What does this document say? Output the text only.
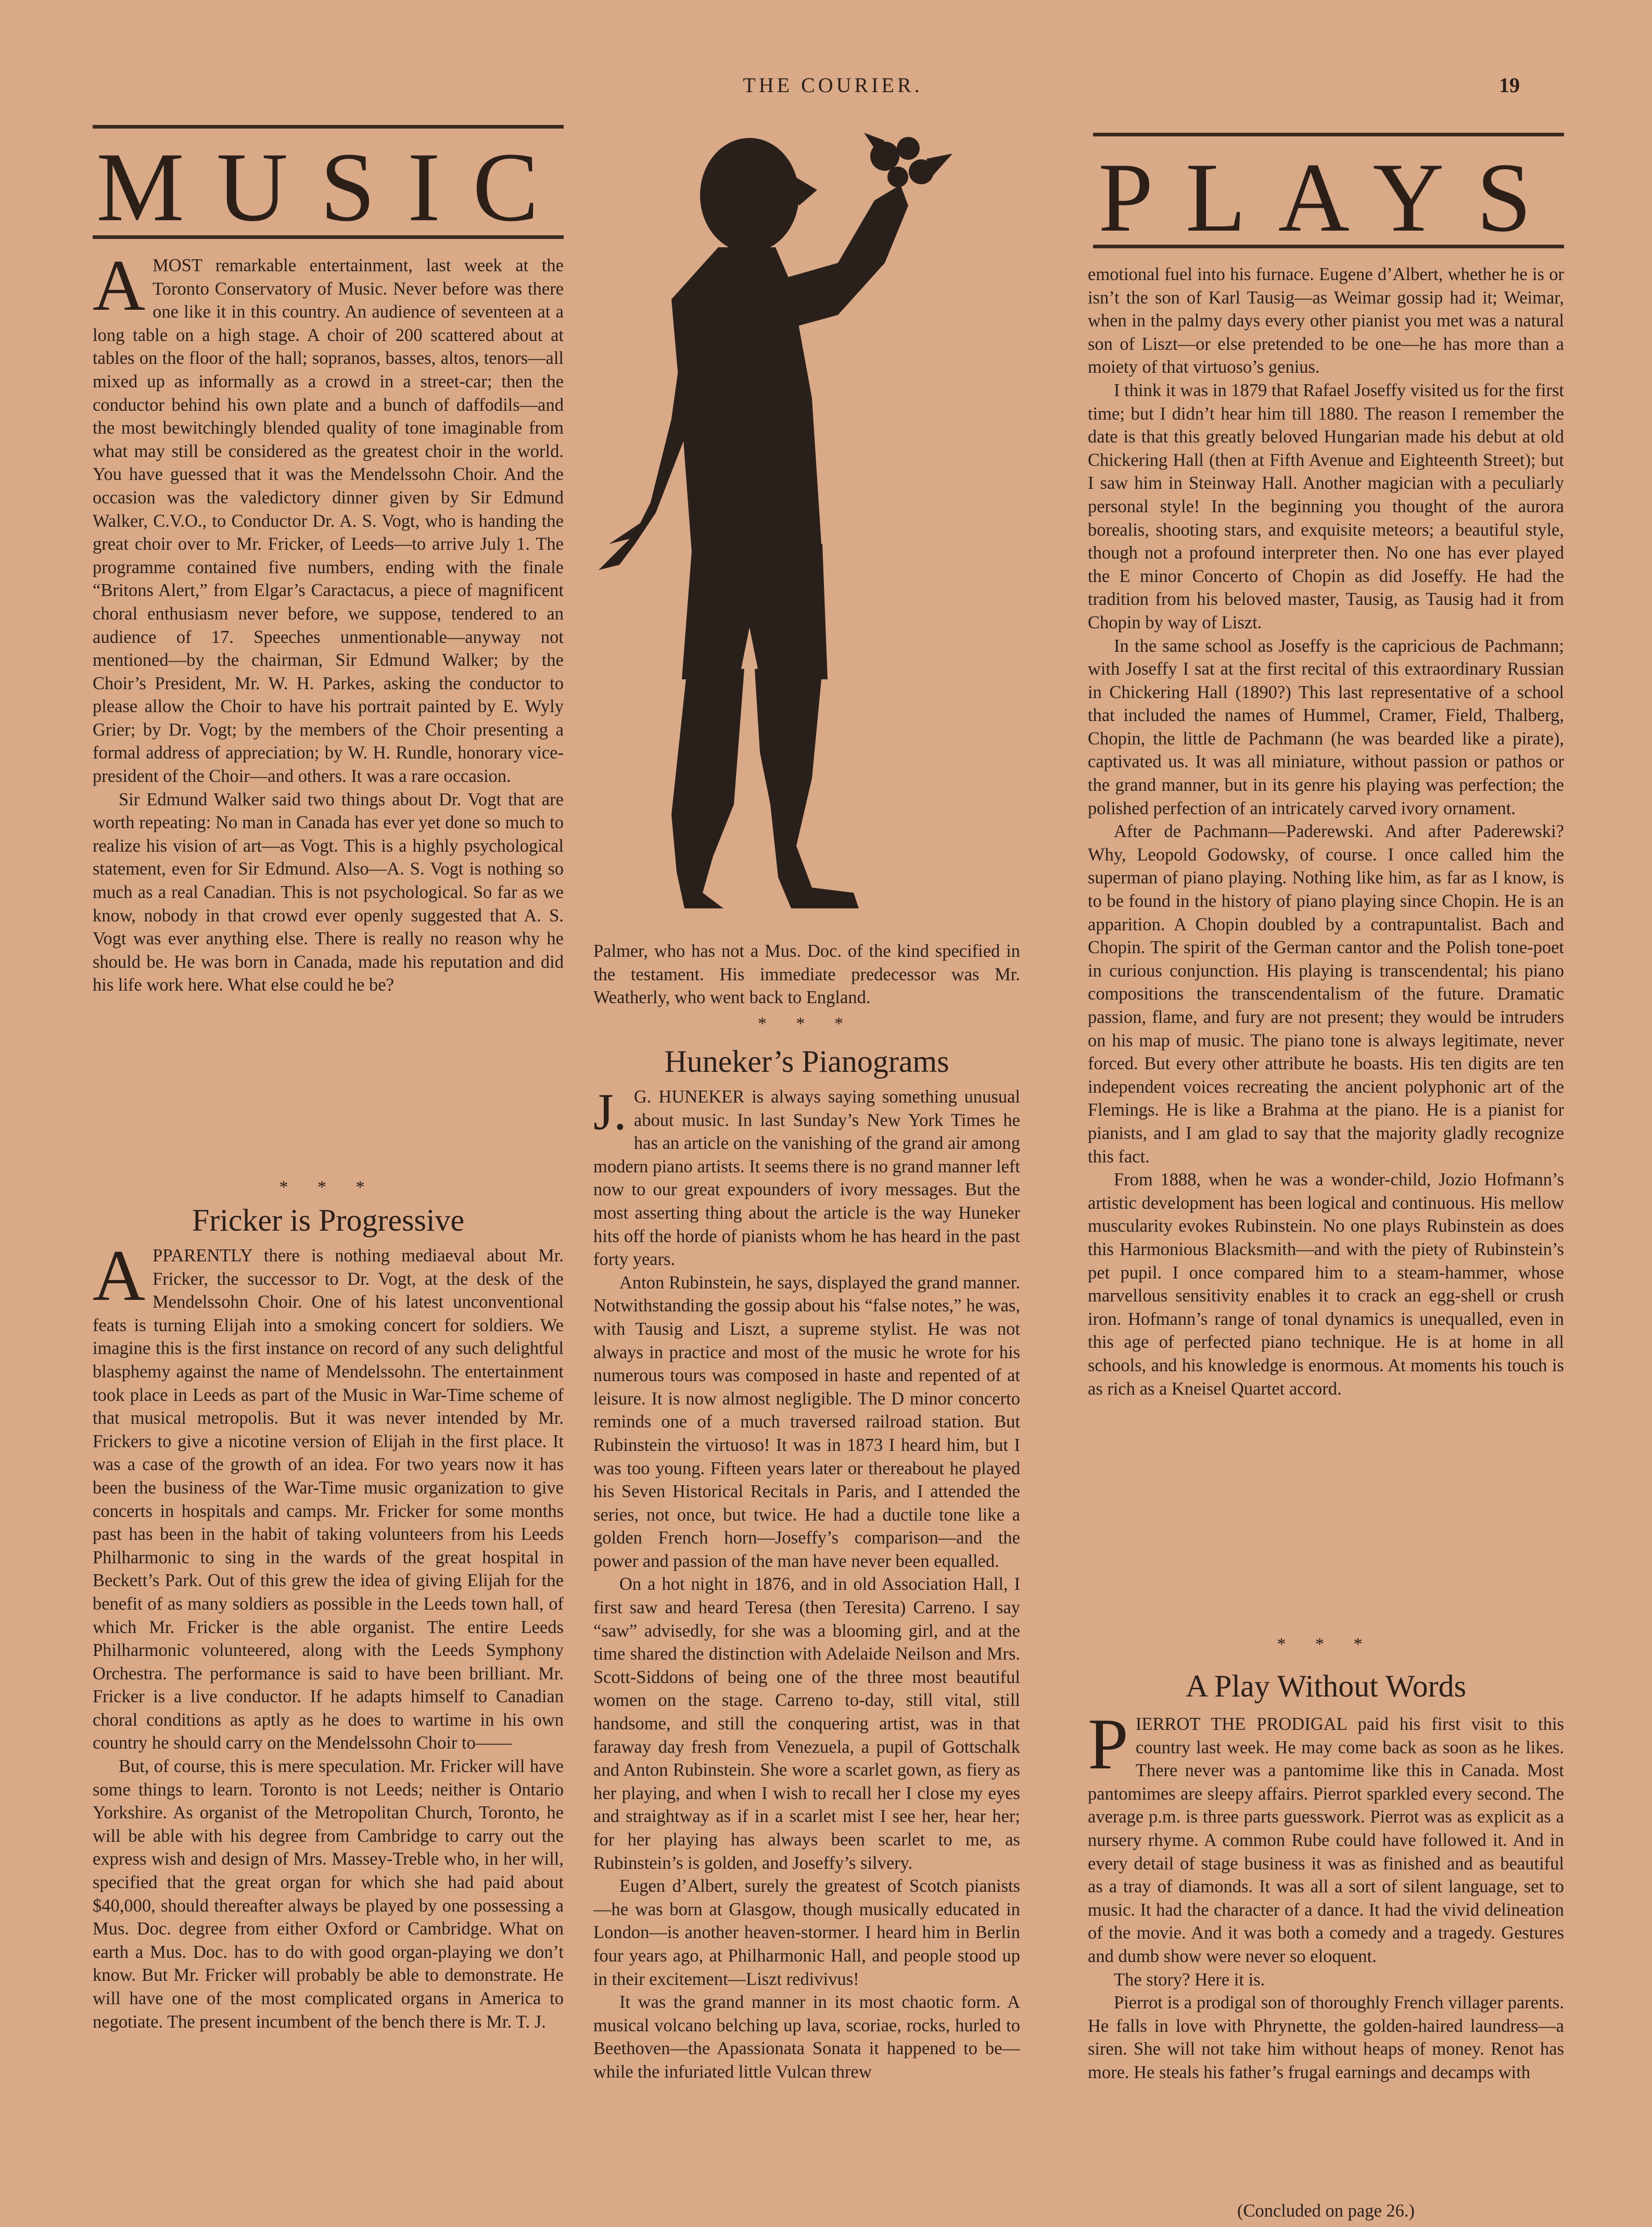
THE COURIER.	19
MUSIC	PLAYS
A MOST remarkable entertainment, last week at the Toronto Conservatory of Music. Never before was there one like it in this country. An audience of seventeen at a long table on a high stage. A choir of 200 scattered about at tables on the floor of the hall; sopranos, basses, altos, tenors—all mixed up as informally as a crowd in a street-car; then the conductor behind his own plate and a bunch of daffodils—and the most bewitchingly blended quality of tone imaginable from what may still be considered as the greatest choir in the world. You have guessed that it was the Mendelssohn Choir. And the occasion was the valedictory dinner given by Sir Edmund Walker, C.V.O., to Conductor Dr. A. S. Vogt, who is handing the great choir over to Mr. Fricker, of Leeds—to arrive July 1. The programme contained five numbers, ending with the finale “Britons Alert,” from Elgar’s Caractacus, a piece of magnificent choral enthusiasm never before, we suppose, tendered to an audience of 17. Speeches unmentionable—anyway not mentioned—by the chairman, Sir Edmund Walker; by the Choir’s President, Mr. W. H. Parkes, asking the conductor to please allow the Choir to have his portrait painted by E. Wyly Grier; by Dr. Vogt; by the members of the Choir presenting a formal address of appreciation; by W. H. Rundle, honorary vice-president of the Choir—and others. It was a rare occasion.

Sir Edmund Walker said two things about Dr. Vogt that are worth repeating: No man in Canada has ever yet done so much to realize his vision of art—as Vogt. This is a highly psychological statement, even for Sir Edmund. Also—A. S. Vogt is nothing so much as a real Canadian. This is not psychological. So far as we know, nobody in that crowd ever openly suggested that A. S. Vogt was ever anything else. There is really no reason why he should be. He was born in Canada, made his reputation and did his life work here. What else could he be?

* * *
Fricker is Progressive
A PPARENTLY there is nothing mediaeval about Mr. Fricker, the successor to Dr. Vogt, at the desk of the Mendelssohn Choir. One of his latest unconventional feats is turning Elijah into a smoking concert for soldiers. We imagine this is the first instance on record of any such delightful blasphemy against the name of Mendelssohn. The entertainment took place in Leeds as part of the Music in War-Time scheme of that musical metropolis. But it was never intended by Mr. Frickers to give a nicotine version of Elijah in the first place. It was a case of the growth of an idea. For two years now it has been the business of the War-Time music organization to give concerts in hospitals and camps. Mr. Fricker for some months past has been in the habit of taking volunteers from his Leeds Philharmonic to sing in the wards of the great hospital in Beckett’s Park. Out of this grew the idea of giving Elijah for the benefit of as many soldiers as possible in the Leeds town hall, of which Mr. Fricker is the able organist. The entire Leeds Philharmonic volunteered, along with the Leeds Symphony Orchestra. The performance is said to have been brilliant. Mr. Fricker is a live conductor. If he adapts himself to Canadian choral conditions as aptly as he does to wartime in his own country he should carry on the Mendelssohn Choir to——

But, of course, this is mere speculation. Mr. Fricker will have some things to learn. Toronto is not Leeds; neither is Ontario Yorkshire. As organist of the Metropolitan Church, Toronto, he will be able with his degree from Cambridge to carry out the express wish and design of Mrs. Massey-Treble who, in her will, specified that the great organ for which she had paid about $40,000, should thereafter always be played by one possessing a Mus. Doc. degree from either Oxford or Cambridge. What on earth a Mus. Doc. has to do with good organ-playing we don’t know. But Mr. Fricker will probably be able to demonstrate. He will have one of the most complicated organs in America to negotiate. The present incumbent of the bench there is Mr. T. J.

Palmer, who has not a Mus. Doc. of the kind specified in the testament. His immediate predecessor was Mr. Weatherly, who went back to England.

* * *
Huneker’s Pianograms
J. G. HUNEKER is always saying something unusual about music. In last Sunday’s New York Times he has an article on the vanishing of the grand air among modern piano artists. It seems there is no grand manner left now to our great expounders of ivory messages. But the most asserting thing about the article is the way Huneker hits off the horde of pianists whom he has heard in the past forty years.

Anton Rubinstein, he says, displayed the grand manner. Notwithstanding the gossip about his “false notes,” he was, with Tausig and Liszt, a supreme stylist. He was not always in practice and most of the music he wrote for his numerous tours was composed in haste and repented of at leisure. It is now almost negligible. The D minor concerto reminds one of a much traversed railroad station. But Rubinstein the virtuoso! It was in 1873 I heard him, but I was too young. Fifteen years later or thereabout he played his Seven Historical Recitals in Paris, and I attended the series, not once, but twice. He had a ductile tone like a golden French horn—Joseffy’s comparison—and the power and passion of the man have never been equalled.

On a hot night in 1876, and in old Association Hall, I first saw and heard Teresa (then Teresita) Carreno. I say “saw” advisedly, for she was a blooming girl, and at the time shared the distinction with Adelaide Neilson and Mrs. Scott-Siddons of being one of the three most beautiful women on the stage. Carreno to-day, still vital, still handsome, and still the conquering artist, was in that faraway day fresh from Venezuela, a pupil of Gottschalk and Anton Rubinstein. She wore a scarlet gown, as fiery as her playing, and when I wish to recall her I close my eyes and straightway as if in a scarlet mist I see her, hear her; for her playing has always been scarlet to me, as Rubinstein’s is golden, and Joseffy’s silvery.

Eugen d’Albert, surely the greatest of Scotch pianists—he was born at Glasgow, though musically educated in London—is another heaven-stormer. I heard him in Berlin four years ago, at Philharmonic Hall, and people stood up in their excitement—Liszt redivivus!

It was the grand manner in its most chaotic form. A musical volcano belching up lava, scoriae, rocks, hurled to Beethoven—the Apassionata Sonata it happened to be—while the infuriated little Vulcan threw

emotional fuel into his furnace. Eugene d’Albert, whether he is or isn’t the son of Karl Tausig—as Weimar gossip had it; Weimar, when in the palmy days every other pianist you met was a natural son of Liszt—or else pretended to be one—he has more than a moiety of that virtuoso’s genius.

I think it was in 1879 that Rafael Joseffy visited us for the first time; but I didn’t hear him till 1880. The reason I remember the date is that this greatly beloved Hungarian made his debut at old Chickering Hall (then at Fifth Avenue and Eighteenth Street); but I saw him in Steinway Hall. Another magician with a peculiarly personal style! In the beginning you thought of the aurora borealis, shooting stars, and exquisite meteors; a beautiful style, though not a profound interpreter then. No one has ever played the E minor Concerto of Chopin as did Joseffy. He had the tradition from his beloved master, Tausig, as Tausig had it from Chopin by way of Liszt.

In the same school as Joseffy is the capricious de Pachmann; with Joseffy I sat at the first recital of this extraordinary Russian in Chickering Hall (1890?) This last representative of a school that included the names of Hummel, Cramer, Field, Thalberg, Chopin, the little de Pachmann (he was bearded like a pirate), captivated us. It was all miniature, without passion or pathos or the grand manner, but in its genre his playing was perfection; the polished perfection of an intricately carved ivory ornament.

After de Pachmann—Paderewski. And after Paderewski? Why, Leopold Godowsky, of course. I once called him the superman of piano playing. Nothing like him, as far as I know, is to be found in the history of piano playing since Chopin. He is an apparition. A Chopin doubled by a contrapuntalist. Bach and Chopin. The spirit of the German cantor and the Polish tone-poet in curious conjunction. His playing is transcendental; his piano compositions the transcendentalism of the future. Dramatic passion, flame, and fury are not present; they would be intruders on his map of music. The piano tone is always legitimate, never forced. But every other attribute he boasts. His ten digits are ten independent voices recreating the ancient polyphonic art of the Flemings. He is like a Brahma at the piano. He is a pianist for pianists, and I am glad to say that the majority gladly recognize this fact.

From 1888, when he was a wonder-child, Jozio Hofmann’s artistic development has been logical and continuous. His mellow muscularity evokes Rubinstein. No one plays Rubinstein as does this Harmonious Blacksmith—and with the piety of Rubinstein’s pet pupil. I once compared him to a steam-hammer, whose marvellous sensitivity enables it to crack an egg-shell or crush iron. Hofmann’s range of tonal dynamics is unequalled, even in this age of perfected piano technique. He is at home in all schools, and his knowledge is enormous. At moments his touch is as rich as a Kneisel Quartet accord.

* * *
A Play Without Words
P IERROT THE PRODIGAL paid his first visit to this country last week. He may come back as soon as he likes. There never was a pantomime like this in Canada. Most pantomimes are sleepy affairs. Pierrot sparkled every second. The average p.m. is three parts guesswork. Pierrot was as explicit as a nursery rhyme. A common Rube could have followed it. And in every detail of stage business it was as finished and as beautiful as a tray of diamonds. It was all a sort of silent language, set to music. It had the character of a dance. It had the vivid delineation of the movie. And it was both a comedy and a tragedy. Gestures and dumb show were never so eloquent.

The story? Here it is.

Pierrot is a prodigal son of thoroughly French villager parents. He falls in love with Phrynette, the golden-haired laundress—a siren. She will not take him without heaps of money. Renot has more. He steals his father’s frugal earnings and decamps with

(Concluded on page 26.)
